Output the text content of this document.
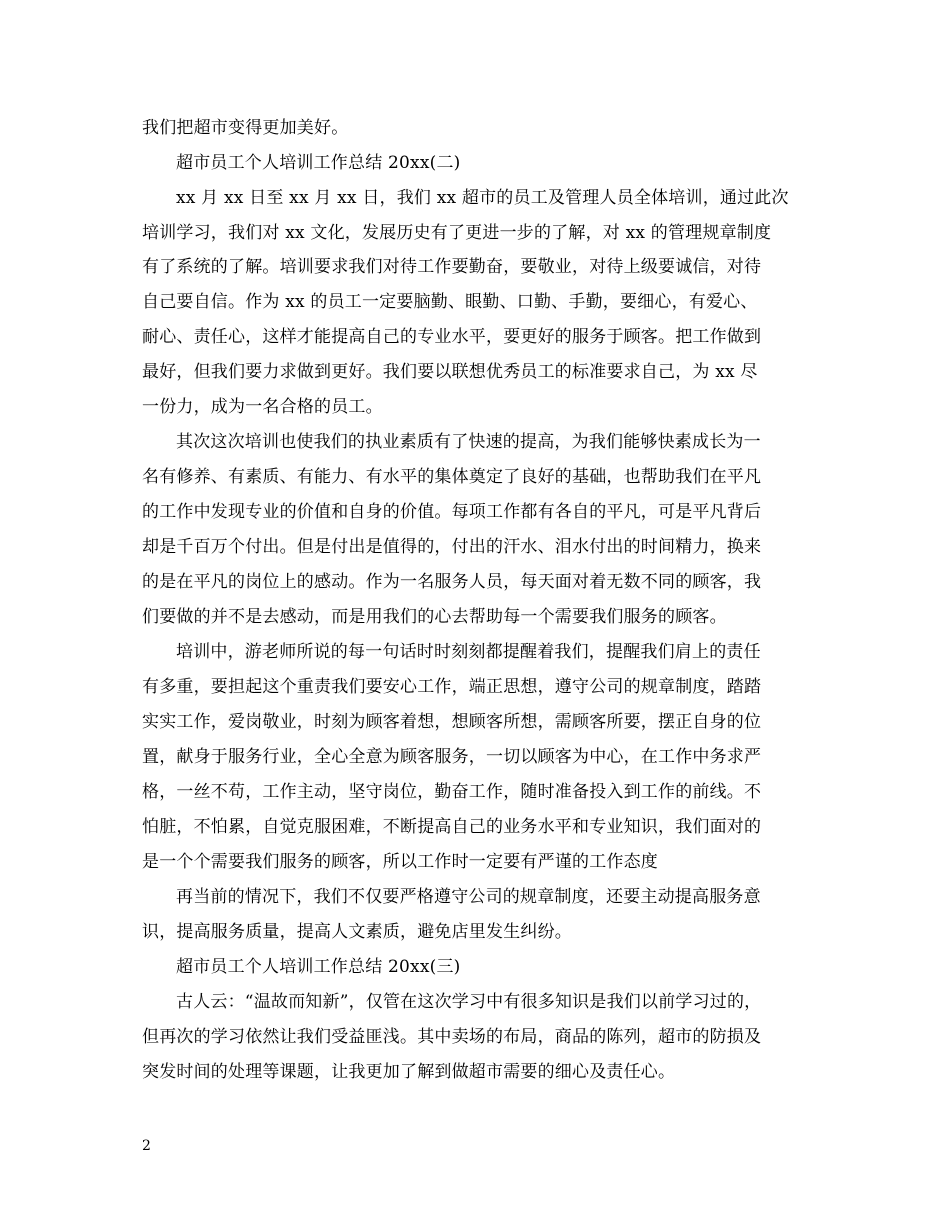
我们把超市变得更加美好。
超市员工个人培训工作总结 20xx(二)
xx 月 xx 日至 xx 月 xx 日，我们 xx 超市的员工及管理人员全体培训，通过此次
培训学习，我们对 xx 文化，发展历史有了更进一步的了解，对 xx 的管理规章制度
有了系统的了解。培训要求我们对待工作要勤奋，要敬业，对待上级要诚信，对待
自己要自信。作为 xx 的员工一定要脑勤、眼勤、口勤、手勤，要细心，有爱心、
耐心、责任心，这样才能提高自己的专业水平，要更好的服务于顾客。把工作做到
最好，但我们要力求做到更好。我们要以联想优秀员工的标准要求自己，为 xx 尽
一份力，成为一名合格的员工。
其次这次培训也使我们的执业素质有了快速的提高，为我们能够快素成长为一
名有修养、有素质、有能力、有水平的集体奠定了良好的基础，也帮助我们在平凡
的工作中发现专业的价值和自身的价值。每项工作都有各自的平凡，可是平凡背后
却是千百万个付出。但是付出是值得的，付出的汗水、泪水付出的时间精力，换来
的是在平凡的岗位上的感动。作为一名服务人员，每天面对着无数不同的顾客，我
们要做的并不是去感动，而是用我们的心去帮助每一个需要我们服务的顾客。
培训中，游老师所说的每一句话时时刻刻都提醒着我们，提醒我们肩上的责任
有多重，要担起这个重责我们要安心工作，端正思想，遵守公司的规章制度，踏踏
实实工作，爱岗敬业，时刻为顾客着想，想顾客所想，需顾客所要，摆正自身的位
置，献身于服务行业，全心全意为顾客服务，一切以顾客为中心，在工作中务求严
格，一丝不苟，工作主动，坚守岗位，勤奋工作，随时准备投入到工作的前线。不
怕脏，不怕累，自觉克服困难，不断提高自己的业务水平和专业知识，我们面对的
是一个个需要我们服务的顾客，所以工作时一定要有严谨的工作态度
再当前的情况下，我们不仅要严格遵守公司的规章制度，还要主动提高服务意
识，提高服务质量，提高人文素质，避免店里发生纠纷。
超市员工个人培训工作总结 20xx(三)
古人云：“温故而知新”，仅管在这次学习中有很多知识是我们以前学习过的，
但再次的学习依然让我们受益匪浅。其中卖场的布局，商品的陈列，超市的防损及
突发时间的处理等课题，让我更加了解到做超市需要的细心及责任心。
2
